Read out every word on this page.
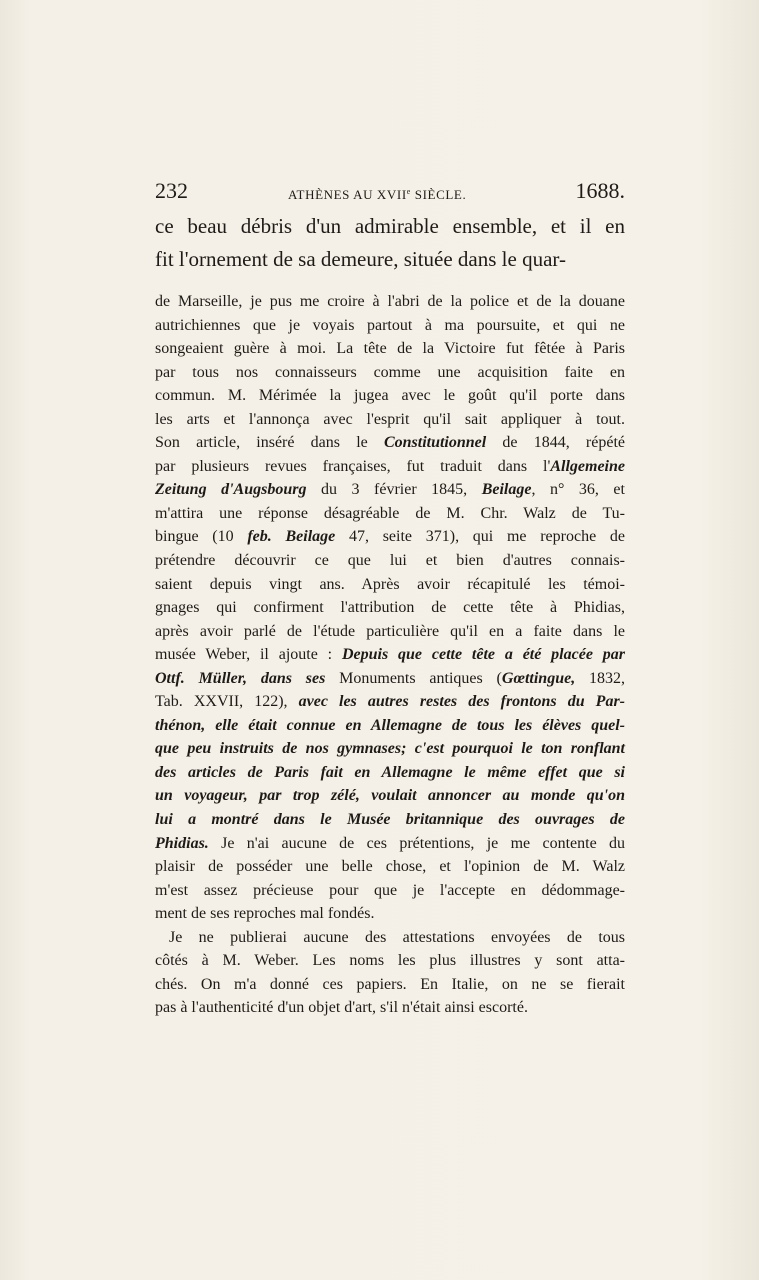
232	ATHÈNES AU XVIIe SIÈCLE.	1688.
ce beau débris d'un admirable ensemble, et il en
fit l'ornement de sa demeure, située dans le quar-
de Marseille, je pus me croire à l'abri de la police et de la douane
autrichiennes que je voyais partout à ma poursuite, et qui ne
songeaient guère à moi. La tête de la Victoire fut fêtée à Paris
par tous nos connaisseurs comme une acquisition faite en
commun. M. Mérimée la jugea avec le goût qu'il porte dans
les arts et l'annonça avec l'esprit qu'il sait appliquer à tout.
Son article, inséré dans le Constitutionnel de 1844, répété
par plusieurs revues françaises, fut traduit dans l'Allgemeine
Zeitung d'Augsbourg du 3 février 1845, Beilage, n° 36, et
m'attira une réponse désagréable de M. Chr. Walz de Tu-
bingue (10 feb. Beilage 47, seite 371), qui me reproche de
prétendre découvrir ce que lui et bien d'autres connais-
saient depuis vingt ans. Après avoir récapitulé les témoi-
gnages qui confirment l'attribution de cette tête à Phidias,
après avoir parlé de l'étude particulière qu'il en a faite dans le
musée Weber, il ajoute : Depuis que cette tête a été placée par
Ottf. Müller, dans ses Monuments antiques (Gœttingue, 1832,
Tab. XXVII, 122), avec les autres restes des frontons du Par-
thénon, elle était connue en Allemagne de tous les élèves quel-
que peu instruits de nos gymnases; c'est pourquoi le ton ronflant
des articles de Paris fait en Allemagne le même effet que si
un voyageur, par trop zélé, voulait annoncer au monde qu'on
lui a montré dans le Musée britannique des ouvrages de
Phidias. Je n'ai aucune de ces prétentions, je me contente du
plaisir de posséder une belle chose, et l'opinion de M. Walz
m'est assez précieuse pour que je l'accepte en dédommage-
ment de ses reproches mal fondés.
Je ne publierai aucune des attestations envoyées de tous
côtés à M. Weber. Les noms les plus illustres y sont atta-
chés. On m'a donné ces papiers. En Italie, on ne se fierait
pas à l'authenticité d'un objet d'art, s'il n'était ainsi escorté.
